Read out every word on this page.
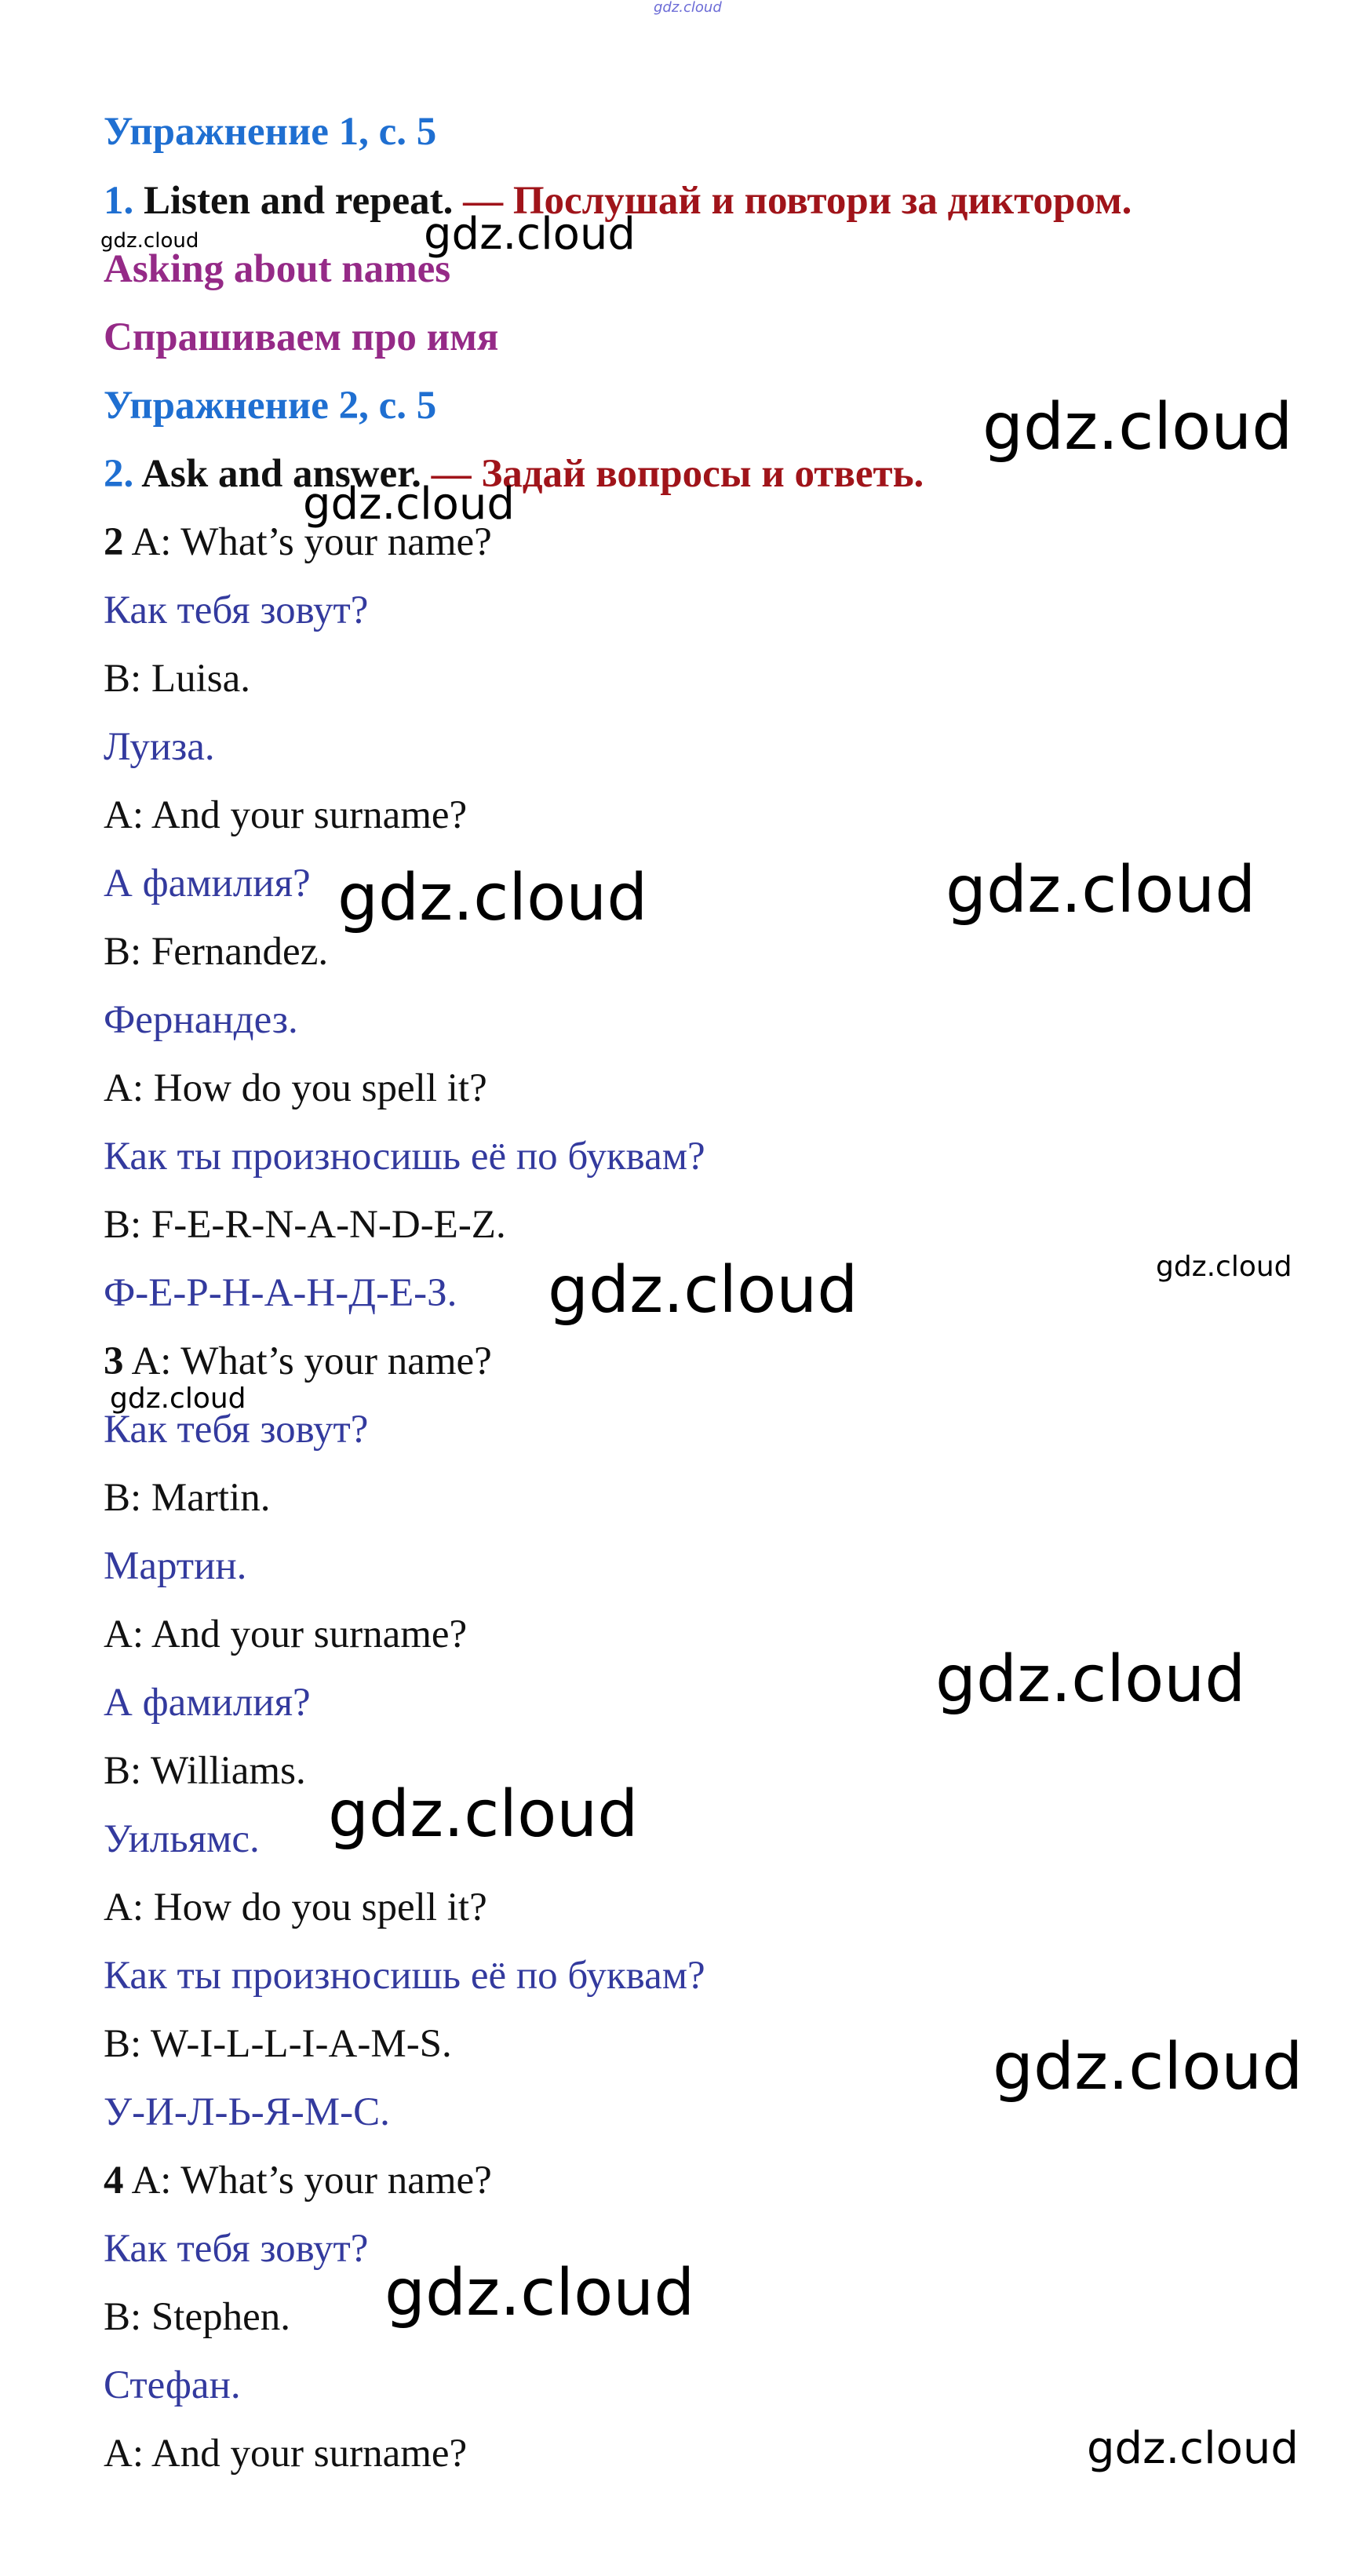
gdz.cloud
Упражнение 1, с. 5
1. Listen and repeat. — Послушай и повтори за диктором.
Asking about names
Спрашиваем про имя
Упражнение 2, с. 5
2. Ask and answer. — Задай вопросы и ответь.
2 A: What’s your name?
Как тебя зовут?
B: Luisa.
Луиза.
A: And your surname?
А фамилия?
B: Fernandez.
Фернандез.
A: How do you spell it?
Как ты произносишь её по буквам?
B: F-E-R-N-A-N-D-E-Z.
Ф-Е-Р-Н-А-Н-Д-Е-З.
3 A: What’s your name?
Как тебя зовут?
B: Martin.
Мартин.
A: And your surname?
А фамилия?
B: Williams.
Уильямс.
A: How do you spell it?
Как ты произносишь её по буквам?
B: W-I-L-L-I-A-M-S.
У-И-Л-Ь-Я-М-С.
4 A: What’s your name?
Как тебя зовут?
B: Stephen.
Стефан.
A: And your surname?
gdz.cloud	gdz.cloud
gdz.cloud
gdz.cloud
gdz.cloud	gdz.cloud
gdz.cloud	gdz.cloud
gdz.cloud
gdz.cloud
gdz.cloud
gdz.cloud
gdz.cloud
gdz.cloud
